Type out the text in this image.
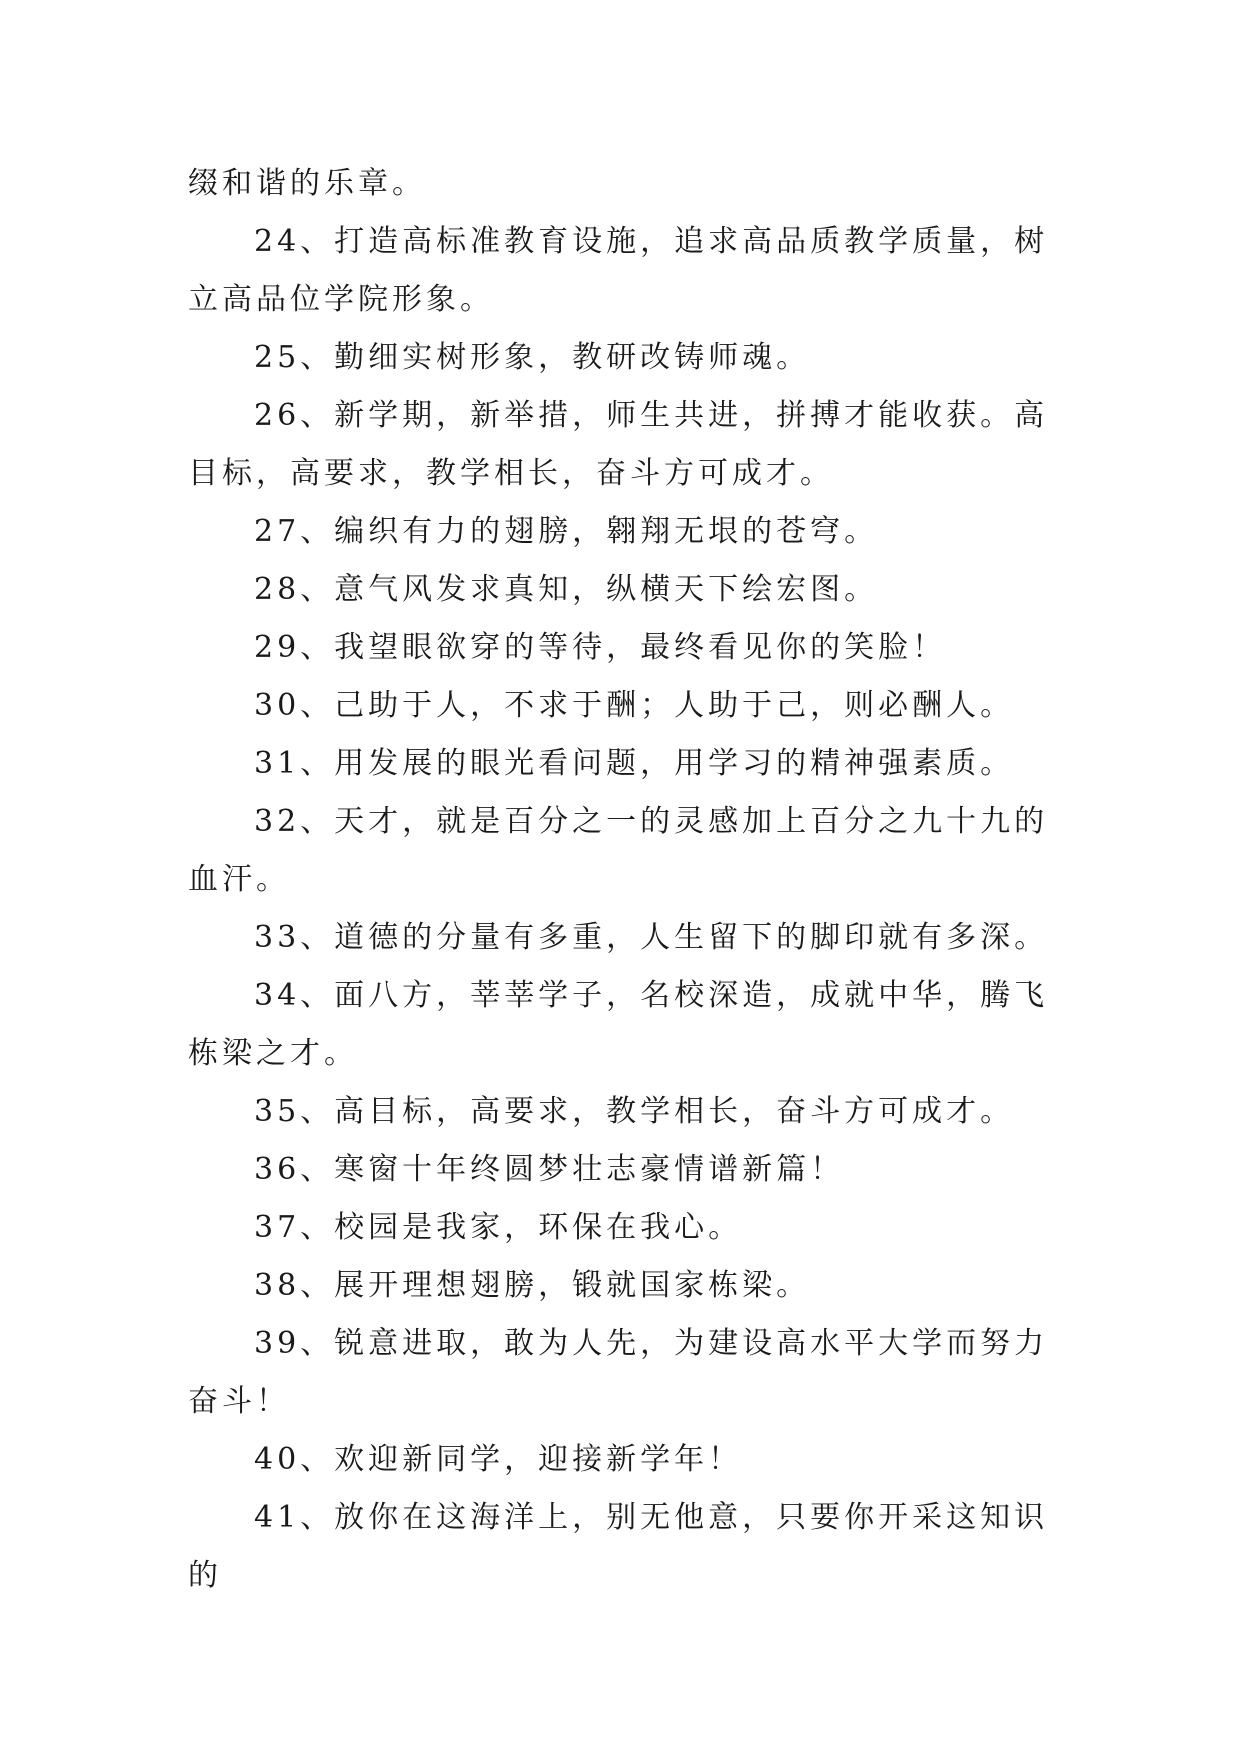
缀和谐的乐章。

24、打造高标准教育设施，追求高品质教学质量，树立高品位学院形象。

25、勤细实树形象，教研改铸师魂。

26、新学期，新举措，师生共进，拼搏才能收获。高目标，高要求，教学相长，奋斗方可成才。

27、编织有力的翅膀，翱翔无垠的苍穹。

28、意气风发求真知，纵横天下绘宏图。

29、我望眼欲穿的等待，最终看见你的笑脸！

30、己助于人，不求于酬；人助于己，则必酬人。

31、用发展的眼光看问题，用学习的精神强素质。

32、天才，就是百分之一的灵感加上百分之九十九的血汗。

33、道德的分量有多重，人生留下的脚印就有多深。

34、面八方，莘莘学子，名校深造，成就中华，腾飞栋梁之才。

35、高目标，高要求，教学相长，奋斗方可成才。

36、寒窗十年终圆梦壮志豪情谱新篇！

37、校园是我家，环保在我心。

38、展开理想翅膀，锻就国家栋梁。

39、锐意进取，敢为人先，为建设高水平大学而努力奋斗！

40、欢迎新同学，迎接新学年！

41、放你在这海洋上，别无他意，只要你开采这知识的
